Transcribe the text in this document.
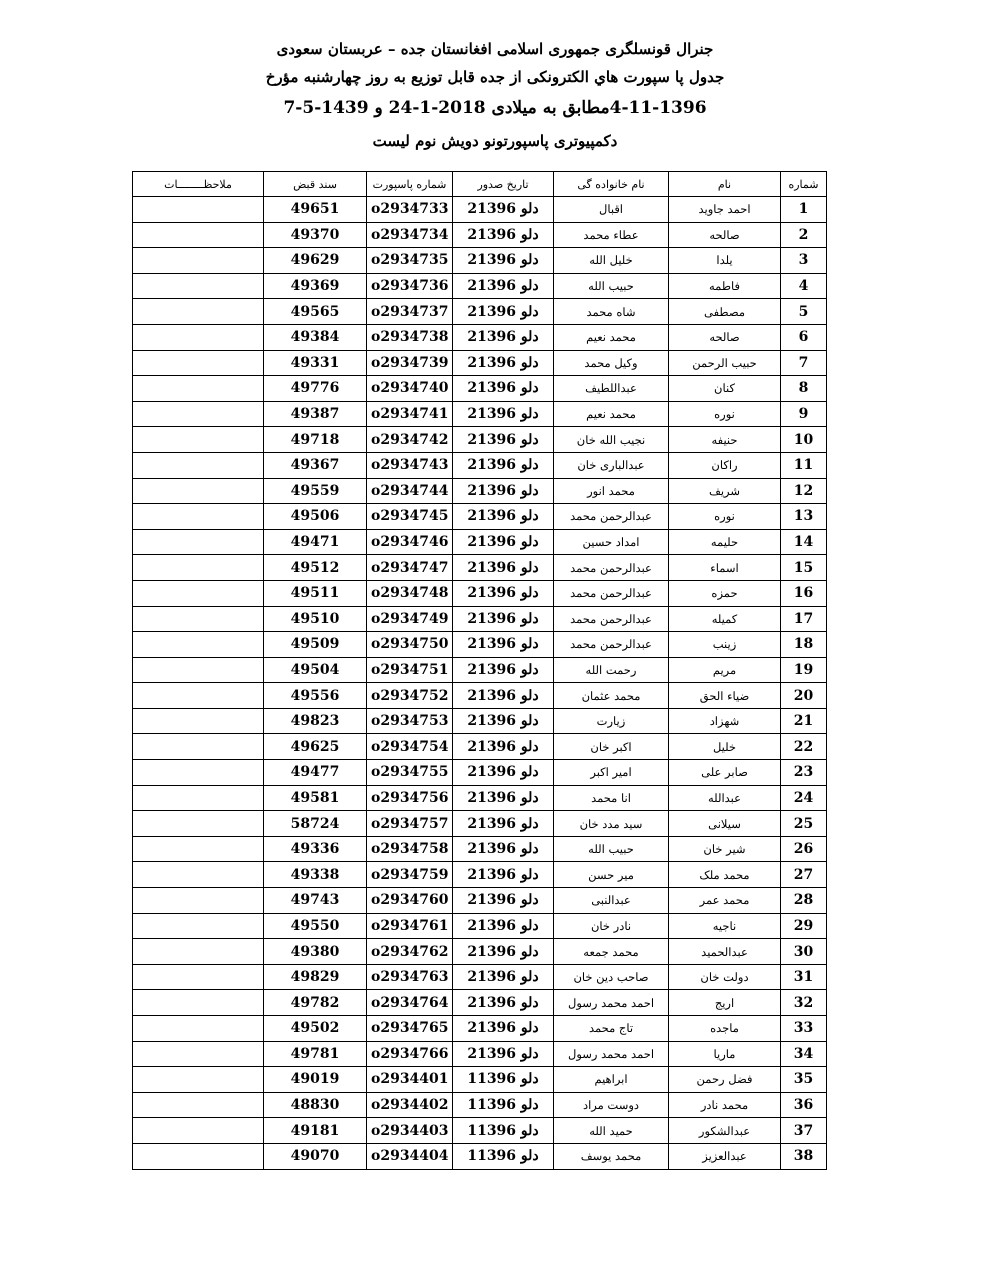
جنرال قونسلگری جمهوری اسلامی افغانستان جده – عربستان سعودی

جدول پا سپورت هاي الکترونکی از جده قابل توزیع به روز چهارشنبه مؤرخ

4-11-1396مطابق به میلادی 2018-1-24 و 1439-5-7

دکمپیوتری پاسپورتونو دویش نوم لیست

شماره	نام	نام خانواده گی	تاریخ صدور	شماره پاسپورت	سند قبض	ملاحظــــــــات
1	احمد جاوید	اقبال	2دلو 1396	o2934733	49651	
2	صالحه	عطاء محمد	2دلو 1396	o2934734	49370	
3	یلدا	خلیل الله	2دلو 1396	o2934735	49629	
4	فاطمه	حبیب الله	2دلو 1396	o2934736	49369	
5	مصطفی	شاه محمد	2دلو 1396	o2934737	49565	
6	صالحه	محمد نعیم	2دلو 1396	o2934738	49384	
7	حبیب الرحمن	وکیل محمد	2دلو 1396	o2934739	49331	
8	کنان	عبداللطیف	2دلو 1396	o2934740	49776	
9	نوره	محمد نعیم	2دلو 1396	o2934741	49387	
10	حنیفه	نجیب الله خان	2دلو 1396	o2934742	49718	
11	راکان	عبدالباری خان	2دلو 1396	o2934743	49367	
12	شریف	محمد انور	2دلو 1396	o2934744	49559	
13	نوره	عبدالرحمن محمد	2دلو 1396	o2934745	49506	
14	حلیمه	امداد حسین	2دلو 1396	o2934746	49471	
15	اسماء	عبدالرحمن محمد	2دلو 1396	o2934747	49512	
16	حمزه	عبدالرحمن محمد	2دلو 1396	o2934748	49511	
17	کمیله	عبدالرحمن محمد	2دلو 1396	o2934749	49510	
18	زینب	عبدالرحمن محمد	2دلو 1396	o2934750	49509	
19	مریم	رحمت الله	2دلو 1396	o2934751	49504	
20	ضیاء الحق	محمد عثمان	2دلو 1396	o2934752	49556	
21	شهزاد	زیارت	2دلو 1396	o2934753	49823	
22	خلیل	اکبر خان	2دلو 1396	o2934754	49625	
23	صابر علی	امیر اکبر	2دلو 1396	o2934755	49477	
24	عبدالله	انا محمد	2دلو 1396	o2934756	49581	
25	سیلانی	سید مدد خان	2دلو 1396	o2934757	58724	
26	شیر خان	حبیب الله	2دلو 1396	o2934758	49336	
27	محمد ملک	میر حسن	2دلو 1396	o2934759	49338	
28	محمد عمر	عبدالنبی	2دلو 1396	o2934760	49743	
29	ناجیه	نادر خان	2دلو 1396	o2934761	49550	
30	عبدالحمید	محمد جمعه	2دلو 1396	o2934762	49380	
31	دولت خان	صاحب دین خان	2دلو 1396	o2934763	49829	
32	اریج	احمد محمد رسول	2دلو 1396	o2934764	49782	
33	ماجده	تاج محمد	2دلو 1396	o2934765	49502	
34	ماریا	احمد محمد رسول	2دلو 1396	o2934766	49781	
35	فضل رحمن	ابراهیم	1دلو 1396	o2934401	49019	
36	محمد نادر	دوست مراد	1دلو 1396	o2934402	48830	
37	عبدالشکور	حمید الله	1دلو 1396	o2934403	49181	
38	عبدالعزیز	محمد یوسف	1دلو 1396	o2934404	49070	
